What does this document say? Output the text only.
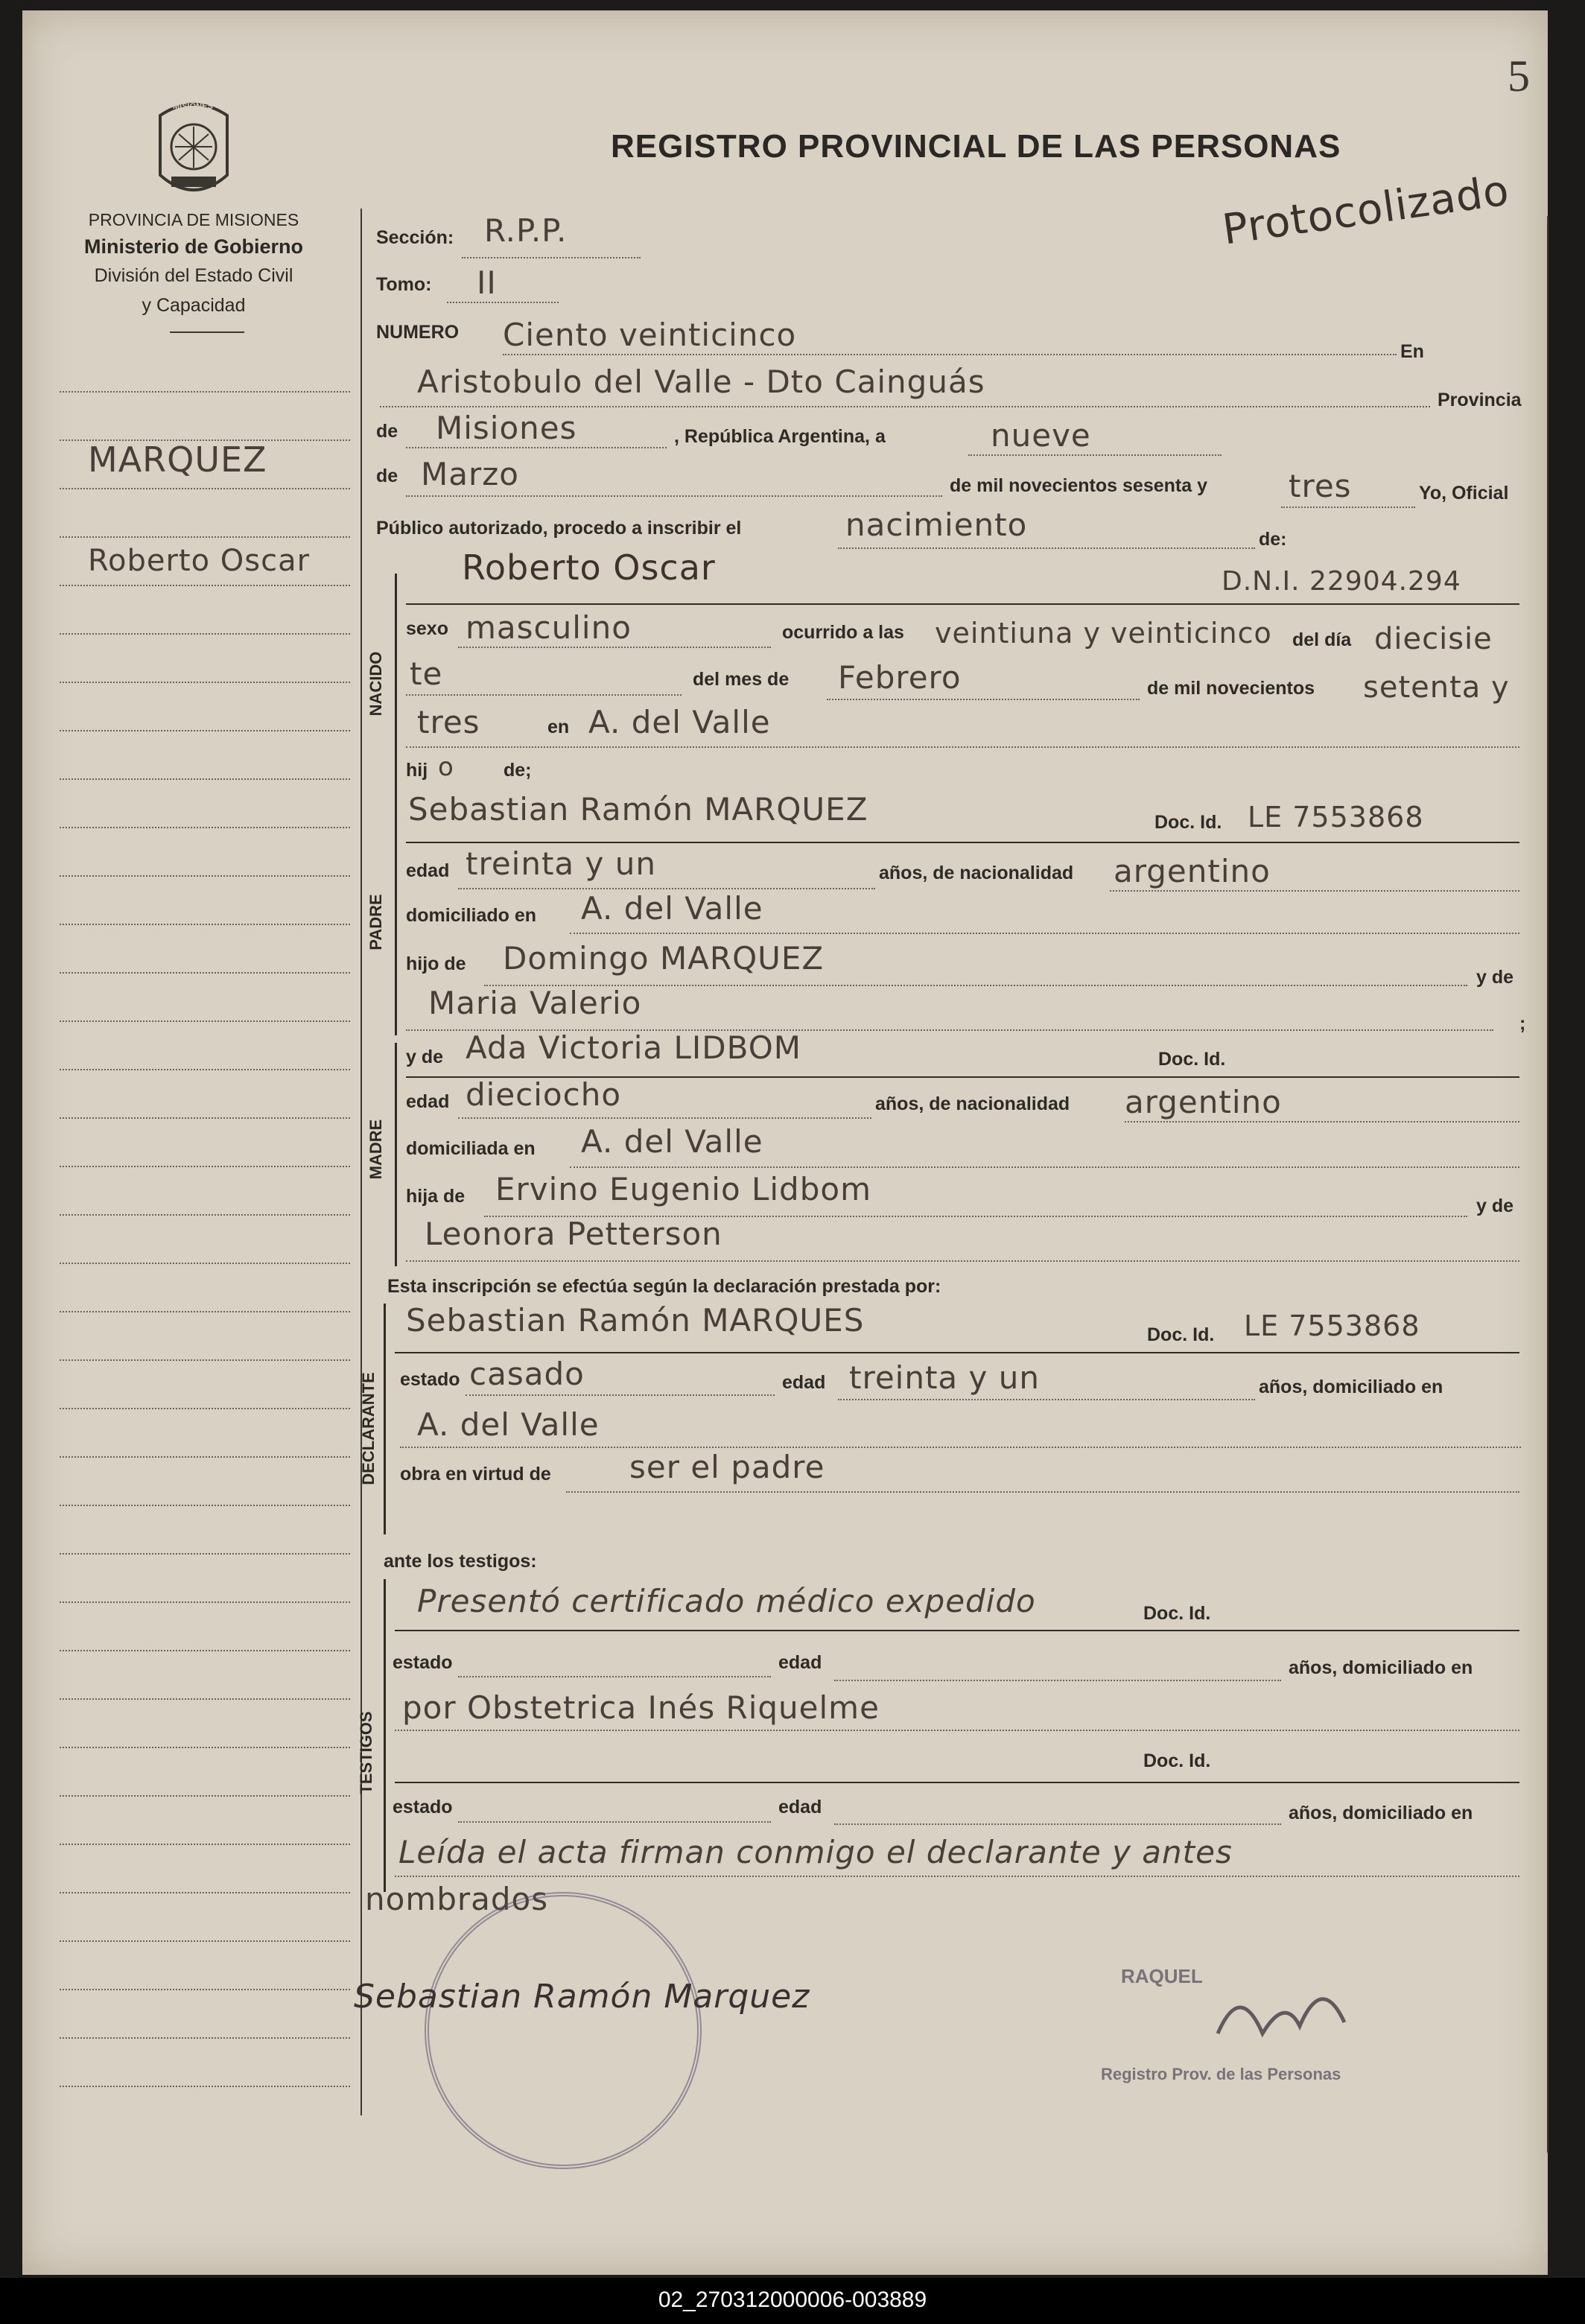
5
REGISTRO PROVINCIAL DE LAS PERSONAS
MISIONES
PROVINCIA DE MISIONES
Ministerio de Gobierno
División del Estado Civil
y Capacidad
MARQUEZ
Roberto Oscar
Protocolizado
Sección: R.P.P.
Tomo: II
NUMERO Ciento veinticinco	En
Aristobulo del Valle - Dto Cainguás	Provincia
de Misiones	, República Argentina, a	nueve
de Marzo	de mil novecientos sesenta y	tres	Yo, Oficial
Público autorizado, procedo a inscribir el	nacimiento	de:
NACIDO
Roberto Oscar	D.N.I. 22904.294
sexo masculino	ocurrido a las veintiuna y veinticinco del día diecisie
te	del mes de Febrero	de mil novecientos setenta y
tres	en A. del Valle
hij o	de;
PADRE
Sebastian Ramón MARQUEZ	Doc. Id. LE 7553868
edad treinta y un	años, de nacionalidad argentino
domiciliado en A. del Valle
hijo de Domingo MARQUEZ
y de
Maria Valerio
;
y de Ada Victoria LIDBOM	Doc. Id.
MADRE
edad dieciocho	años, de nacionalidad argentino
domiciliada en A. del Valle
hija de Ervino Eugenio Lidbom	y de
Leonora Petterson
Esta inscripción se efectúa según la declaración prestada por:
DECLARANTE
Sebastian Ramón MARQUES	Doc. Id. LE 7553868
estado casado	edad treinta y un	años, domiciliado en
A. del Valle
obra en virtud de	ser el padre
ante los testigos:
TESTIGOS
Presentó certificado médico expedido	Doc. Id.
estado	edad	años, domiciliado en
por Obstetrica Inés Riquelme
Doc. Id.
estado	edad	años, domiciliado en
Leída el acta firman conmigo el declarante y antes
nombrados
Sebastian Ramón Marquez
RAQUEL
Registro Prov. de las Personas
02_270312000006-003889
